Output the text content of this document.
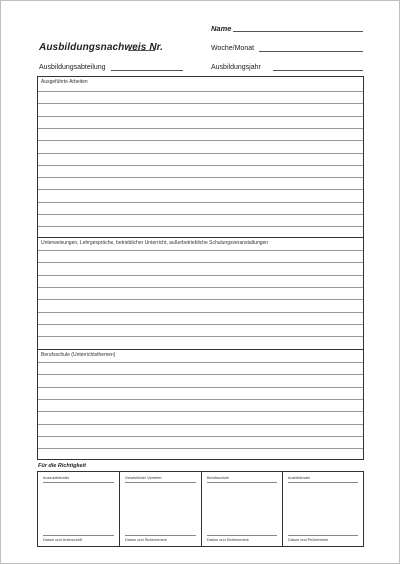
Name
Ausbildungsnachweis Nr.	Woche/Monat
Ausbildungsabteilung	Ausbildungsjahr
Ausgeführte Arbeiten
Unterweisungen, Lehrgespräche, betrieblicher Unterricht, außerbetriebliche Schulungsveranstaltungen
Berufsschule (Unterrichtsthemen)
Für die Richtigkeit
Auszubildender
Datum und Unterschrift
Gesetzlicher Vertreter
Datum und Sichtvermerk
Berufsschule
Datum und Sichtvermerk
Ausbildender
Datum und Prüfvermerk
